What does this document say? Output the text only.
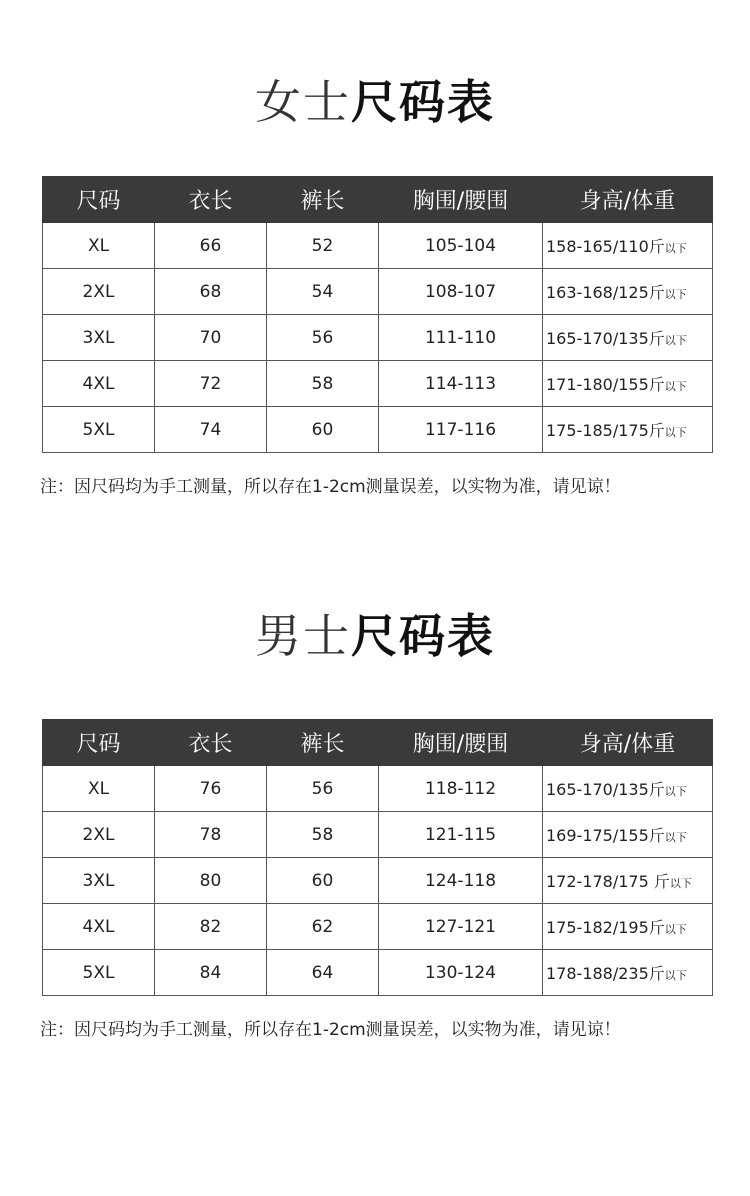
女士尺码表
尺码	衣长	裤长	胸围/腰围	身高/体重
XL	66	52	105-104	158-165/110斤以下
2XL	68	54	108-107	163-168/125斤以下
3XL	70	56	111-110	165-170/135斤以下
4XL	72	58	114-113	171-180/155斤以下
5XL	74	60	117-116	175-185/175斤以下
注：因尺码均为手工测量，所以存在1-2cm测量误差，以实物为准，请见谅！
男士尺码表
尺码	衣长	裤长	胸围/腰围	身高/体重
XL	76	56	118-112	165-170/135斤以下
2XL	78	58	121-115	169-175/155斤以下
3XL	80	60	124-118	172-178/175 斤以下
4XL	82	62	127-121	175-182/195斤以下
5XL	84	64	130-124	178-188/235斤以下
注：因尺码均为手工测量，所以存在1-2cm测量误差，以实物为准，请见谅！
